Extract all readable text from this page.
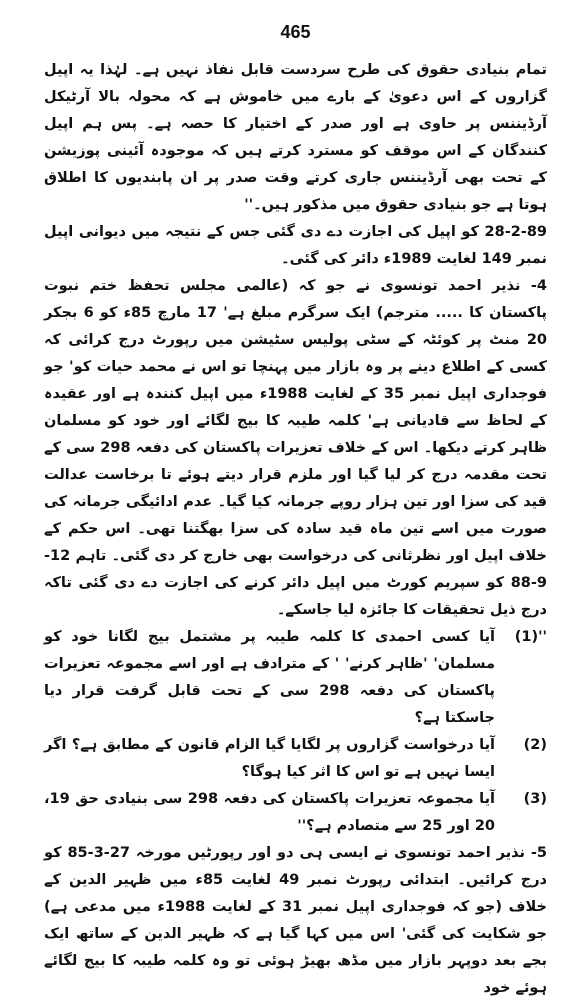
465

تمام بنیادی حقوق کی طرح سردست قابل نفاذ نہیں ہے۔ لہٰذا یہ اپیل گزاروں کے اس دعویٰ کے بارے میں خاموش ہے کہ محولہ بالا آرٹیکل آرڈیننس پر حاوی ہے اور صدر کے اختیار کا حصہ ہے۔ پس ہم اپیل کنندگان کے اس موقف کو مسترد کرتے ہیں کہ موجودہ آئینی پوزیشن کے تحت بھی آرڈیننس جاری کرتے وقت صدر پر ان پابندیوں کا اطلاق ہوتا ہے جو بنیادی حقوق میں مذکور ہیں۔''

28-2-89 کو اپیل کی اجازت دے دی گئی جس کے نتیجہ میں دیوانی اپیل نمبر 149 لغایت 1989ء دائر کی گئی۔

4- نذیر احمد تونسوی نے جو کہ (عالمی مجلس تحفظ ختم نبوت پاکستان کا ..... مترجم) ایک سرگرم مبلغ ہے' 17 مارچ 85ء کو 6 بجکر 20 منٹ پر کوئٹہ کے سٹی پولیس سٹیشن میں رپورٹ درج کرائی کہ کسی کے اطلاع دینے پر وہ بازار میں پہنچا تو اس نے محمد حیات کو' جو فوجداری اپیل نمبر 35 کے لغایت 1988ء میں اپیل کنندہ ہے اور عقیدہ کے لحاظ سے قادیانی ہے' کلمہ طیبہ کا بیج لگائے اور خود کو مسلمان ظاہر کرتے دیکھا۔ اس کے خلاف تعزیرات پاکستان کی دفعہ 298 سی کے تحت مقدمہ درج کر لیا گیا اور ملزم قرار دیتے ہوئے تا برخاست عدالت قید کی سزا اور تین ہزار روپے جرمانہ کیا گیا۔ عدم ادائیگی جرمانہ کی صورت میں اسے تین ماہ قید سادہ کی سزا بھگتنا تھی۔ اس حکم کے خلاف اپیل اور نظرثانی کی درخواست بھی خارج کر دی گئی۔ تاہم 12-9-88 کو سپریم کورٹ میں اپیل دائر کرنے کی اجازت دے دی گئی تاکہ درج ذیل تحقیقات کا جائزہ لیا جاسکے۔

''(1)
آیا کسی احمدی کا کلمہ طیبہ پر مشتمل بیج لگانا خود کو مسلمان' 'ظاہر کرنے' ' کے مترادف ہے اور اسے مجموعہ تعزیرات پاکستان کی دفعہ 298 سی کے تحت قابل گرفت قرار دیا جاسکتا ہے؟
(2)
آیا درخواست گزاروں پر لگایا گیا الزام قانون کے مطابق ہے؟ اگر ایسا نہیں ہے تو اس کا اثر کیا ہوگا؟
(3)
آیا مجموعہ تعزیرات پاکستان کی دفعہ 298 سی بنیادی حق 19، 20 اور 25 سے متصادم ہے؟''

5- نذیر احمد تونسوی نے ایسی ہی دو اور رپورٹیں مورخہ 27-3-85 کو درج کرائیں۔ ابتدائی رپورٹ نمبر 49 لغایت 85ء میں ظہیر الدین کے خلاف (جو کہ فوجداری اپیل نمبر 31 کے لغایت 1988ء میں مدعی ہے) جو شکایت کی گئی' اس میں کہا گیا ہے کہ ظہیر الدین کے ساتھ ایک بجے بعد دوپہر بازار میں مڈھ بھیڑ ہوئی تو وہ کلمہ طیبہ کا بیج لگائے ہوئے خود
